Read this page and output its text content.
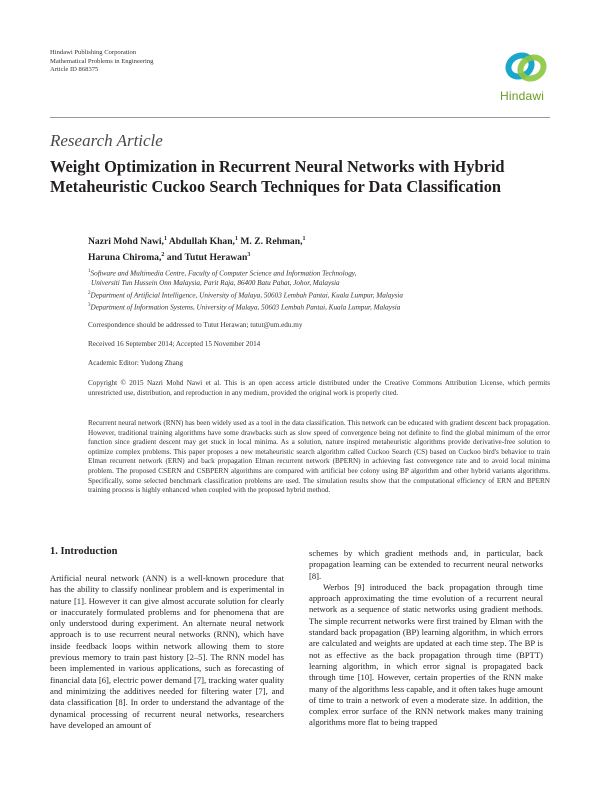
Hindawi Publishing Corporation
Mathematical Problems in Engineering
Article ID 868375
Hindawi
Research Article
Weight Optimization in Recurrent Neural Networks with Hybrid
Metaheuristic Cuckoo Search Techniques for Data Classification
Nazri Mohd Nawi,$^1$ Abdullah Khan,$^1$ M. Z. Rehman,$^1$
Haruna Chiroma,$^2$ and Tutut Herawan$^3$
$^1$Software and Multimedia Centre, Faculty of Computer Science and Information Technology,
Universiti Tun Hussein Onn Malaysia, Parit Raja, 86400 Batu Pahat, Johor, Malaysia
$^2$Department of Artificial Intelligence, University of Malaya, 50603 Lembah Pantai, Kuala Lumpur, Malaysia
$^3$Department of Information Systems, University of Malaya, 50603 Lembah Pantai, Kuala Lumpur, Malaysia
Correspondence should be addressed to Tutut Herawan; tutut@um.edu.my
Received 16 September 2014; Accepted 15 November 2014
Academic Editor: Yudong Zhang
Copyright © 2015 Nazri Mohd Nawi et al. This is an open access article distributed under the Creative Commons Attribution License, which permits unrestricted use, distribution, and reproduction in any medium, provided the original work is properly cited.
Recurrent neural network (RNN) has been widely used as a tool in the data classification. This network can be educated with gradient descent back propagation. However, traditional training algorithms have some drawbacks such as slow speed of convergence being not definite to find the global minimum of the error function since gradient descent may get stuck in local minima. As a solution, nature inspired metaheuristic algorithms provide derivative-free solution to optimize complex problems. This paper proposes a new metaheuristic search algorithm called Cuckoo Search (CS) based on Cuckoo bird's behavior to train Elman recurrent network (ERN) and back propagation Elman recurrent network (BPERN) in achieving fast convergence rate and to avoid local minima problem. The proposed CSERN and CSBPERN algorithms are compared with artificial bee colony using BP algorithm and other hybrid variants algorithms. Specifically, some selected benchmark classification problems are used. The simulation results show that the computational efficiency of ERN and BPERN training process is highly enhanced when coupled with the proposed hybrid method.
1. Introduction
Artificial neural network (ANN) is a well-known procedure that has the ability to classify nonlinear problem and is experimental in nature [1]. However it can give almost accurate solution for clearly or inaccurately formulated problems and for phenomena that are only understood during experiment. An alternate neural network approach is to use recurrent neural networks (RNN), which have inside feedback loops within network allowing them to store previous memory to train past history [2–5]. The RNN model has been implemented in various applications, such as forecasting of financial data [6], electric power demand [7], tracking water quality and minimizing the additives needed for filtering water [7], and data classification [8]. In order to understand the advantage of the dynamical processing of recurrent neural networks, researchers have developed an amount of
schemes by which gradient methods and, in particular, back propagation learning can be extended to recurrent neural networks [8].
Werbos [9] introduced the back propagation through time approach approximating the time evolution of a recurrent neural network as a sequence of static networks using gradient methods. The simple recurrent networks were first trained by Elman with the standard back propagation (BP) learning algorithm, in which errors are calculated and weights are updated at each time step. The BP is not as effective as the back propagation through time (BPTT) learning algorithm, in which error signal is propagated back through time [10]. However, certain properties of the RNN make many of the algorithms less capable, and it often takes huge amount of time to train a network of even a moderate size. In addition, the complex error surface of the RNN network makes many training algorithms more flat to being trapped
